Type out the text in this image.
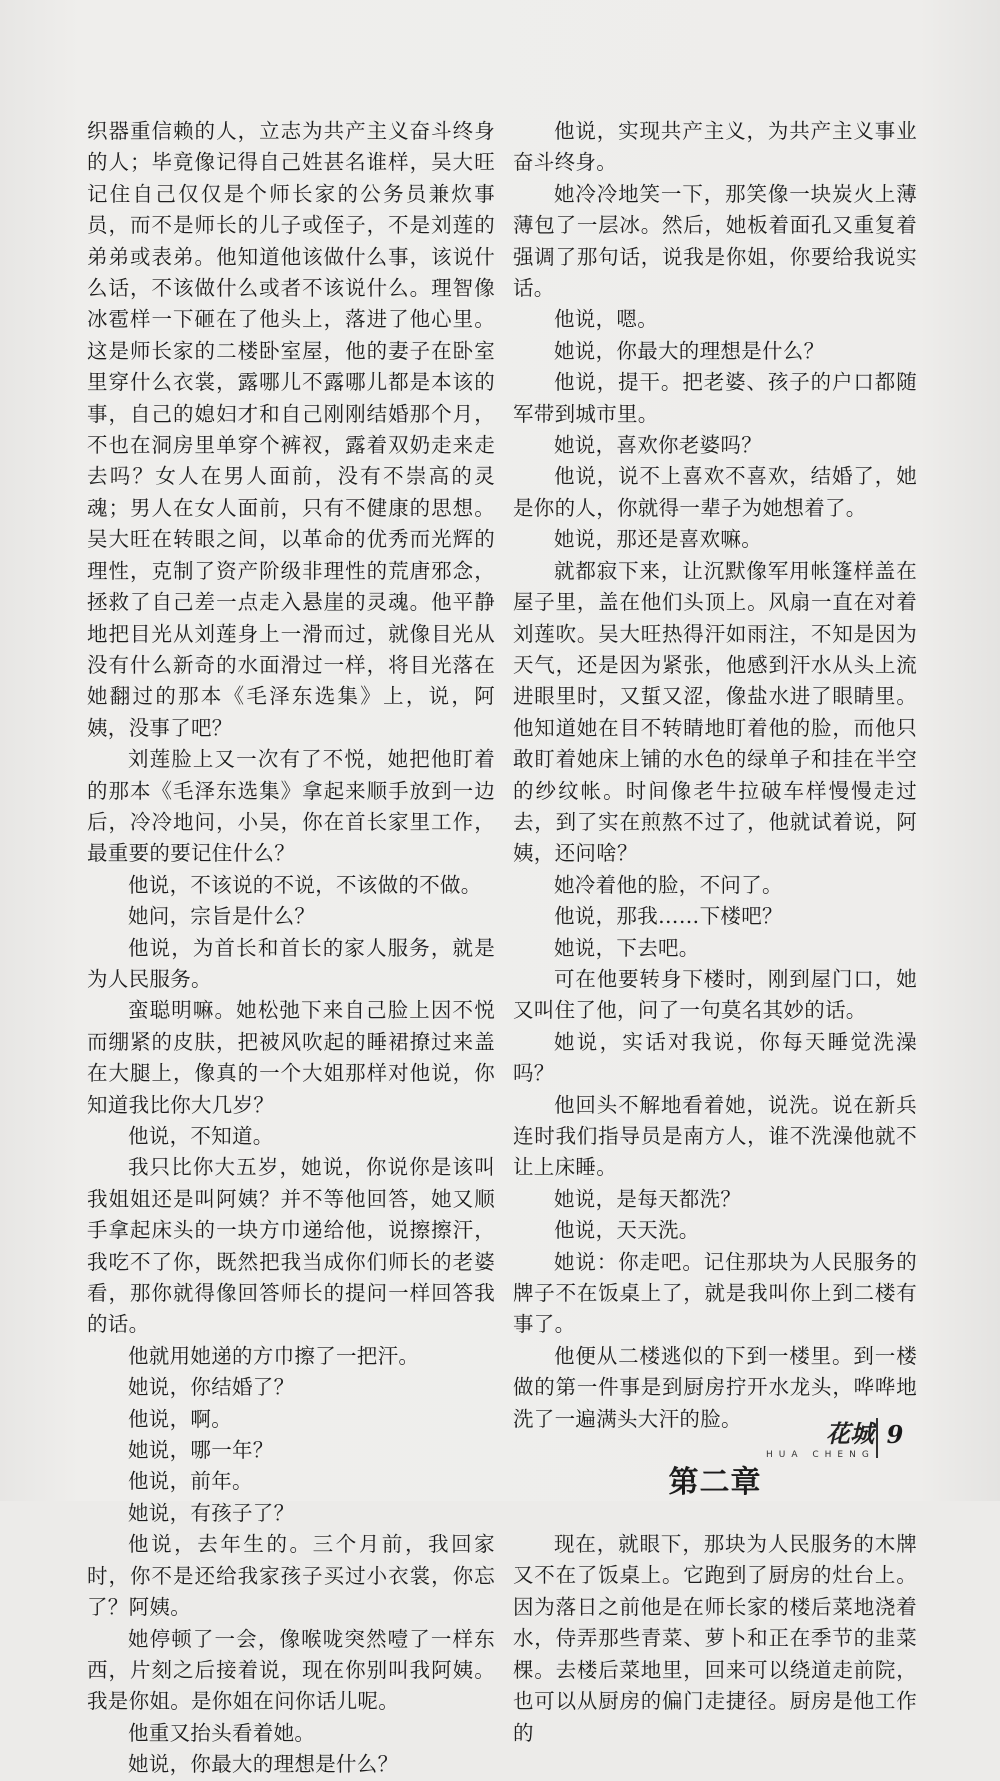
织器重信赖的人，立志为共产主义奋斗终身的人；毕竟像记得自己姓甚名谁样，吴大旺记住自己仅仅是个师长家的公务员兼炊事员，而不是师长的儿子或侄子，不是刘莲的弟弟或表弟。他知道他该做什么事，该说什么话，不该做什么或者不该说什么。理智像冰雹样一下砸在了他头上，落进了他心里。这是师长家的二楼卧室屋，他的妻子在卧室里穿什么衣裳，露哪儿不露哪儿都是本该的事，自己的媳妇才和自己刚刚结婚那个月，不也在洞房里单穿个裤衩，露着双奶走来走去吗？女人在男人面前，没有不崇高的灵魂；男人在女人面前，只有不健康的思想。吴大旺在转眼之间，以革命的优秀而光辉的理性，克制了资产阶级非理性的荒唐邪念，拯救了自己差一点走入悬崖的灵魂。他平静地把目光从刘莲身上一滑而过，就像目光从没有什么新奇的水面滑过一样，将目光落在她翻过的那本《毛泽东选集》上，说，阿姨，没事了吧？

刘莲脸上又一次有了不悦，她把他盯着的那本《毛泽东选集》拿起来顺手放到一边后，冷冷地问，小吴，你在首长家里工作，最重要的要记住什么？

他说，不该说的不说，不该做的不做。

她问，宗旨是什么？

他说，为首长和首长的家人服务，就是为人民服务。

蛮聪明嘛。她松弛下来自己脸上因不悦而绷紧的皮肤，把被风吹起的睡裙撩过来盖在大腿上，像真的一个大姐那样对他说，你知道我比你大几岁？

他说，不知道。

我只比你大五岁，她说，你说你是该叫我姐姐还是叫阿姨？并不等他回答，她又顺手拿起床头的一块方巾递给他，说擦擦汗，我吃不了你，既然把我当成你们师长的老婆看，那你就得像回答师长的提问一样回答我的话。

他就用她递的方巾擦了一把汗。

她说，你结婚了？

他说，啊。

她说，哪一年？

他说，前年。

她说，有孩子了？

他说，去年生的。三个月前，我回家时，你不是还给我家孩子买过小衣裳，你忘了？阿姨。

她停顿了一会，像喉咙突然噎了一样东西，片刻之后接着说，现在你别叫我阿姨。我是你姐。是你姐在问你话儿呢。

他重又抬头看着她。

她说，你最大的理想是什么？

他说，实现共产主义，为共产主义事业奋斗终身。

她冷冷地笑一下，那笑像一块炭火上薄薄包了一层冰。然后，她板着面孔又重复着强调了那句话，说我是你姐，你要给我说实话。

他说，嗯。

她说，你最大的理想是什么？

他说，提干。把老婆、孩子的户口都随军带到城市里。

她说，喜欢你老婆吗？

他说，说不上喜欢不喜欢，结婚了，她是你的人，你就得一辈子为她想着了。

她说，那还是喜欢嘛。

就都寂下来，让沉默像军用帐篷样盖在屋子里，盖在他们头顶上。风扇一直在对着刘莲吹。吴大旺热得汗如雨注，不知是因为天气，还是因为紧张，他感到汗水从头上流进眼里时，又蜇又涩，像盐水进了眼睛里。他知道她在目不转睛地盯着他的脸，而他只敢盯着她床上铺的水色的绿单子和挂在半空的纱纹帐。时间像老牛拉破车样慢慢走过去，到了实在煎熬不过了，他就试着说，阿姨，还问啥？

她冷着他的脸，不问了。

他说，那我……下楼吧？

她说，下去吧。

可在他要转身下楼时，刚到屋门口，她又叫住了他，问了一句莫名其妙的话。

她说，实话对我说，你每天睡觉洗澡吗？

他回头不解地看着她，说洗。说在新兵连时我们指导员是南方人，谁不洗澡他就不让上床睡。

她说，是每天都洗？

他说，天天洗。

她说：你走吧。记住那块为人民服务的牌子不在饭桌上了，就是我叫你上到二楼有事了。

他便从二楼逃似的下到一楼里。到一楼做的第一件事是到厨房拧开水龙头，哗哗地洗了一遍满头大汗的脸。

第二章

现在，就眼下，那块为人民服务的木牌又不在了饭桌上。它跑到了厨房的灶台上。因为落日之前他是在师长家的楼后菜地浇着水，侍弄那些青菜、萝卜和正在季节的韭菜棵。去楼后菜地里，回来可以绕道走前院，也可以从厨房的偏门走捷径。厨房是他工作的

花城
HUA CHENG
9
